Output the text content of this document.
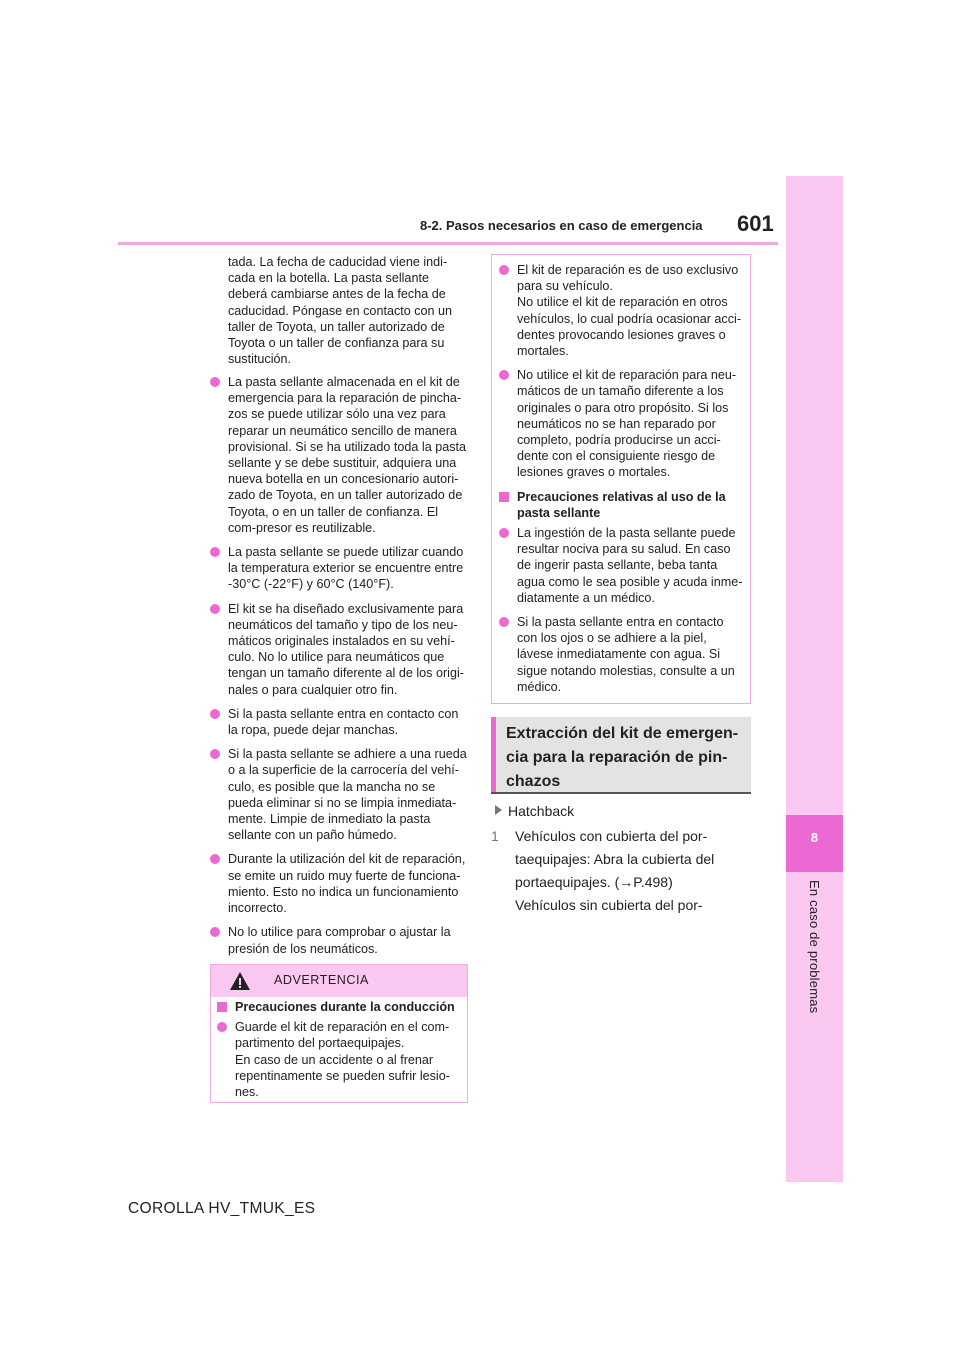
8-2. Pasos necesarios en caso de emergencia 601
8
En caso de problemas
tada. La fecha de caducidad viene indi-cada en la botella. La pasta sellante deberá cambiarse antes de la fecha de caducidad. Póngase en contacto con un taller de Toyota, un taller autorizado de Toyota o un taller de confianza para su sustitución.
La pasta sellante almacenada en el kit de emergencia para la reparación de pincha-zos se puede utilizar sólo una vez para reparar un neumático sencillo de manera provisional. Si se ha utilizado toda la pasta sellante y se debe sustituir, adquiera una nueva botella en un concesionario autori-zado de Toyota, en un taller autorizado de Toyota, o en un taller de confianza. El com-presor es reutilizable.
La pasta sellante se puede utilizar cuando la temperatura exterior se encuentre entre -30°C (-22°F) y 60°C (140°F).
El kit se ha diseñado exclusivamente para neumáticos del tamaño y tipo de los neu-máticos originales instalados en su vehí-culo. No lo utilice para neumáticos que tengan un tamaño diferente al de los origi-nales o para cualquier otro fin.
Si la pasta sellante entra en contacto con la ropa, puede dejar manchas.
Si la pasta sellante se adhiere a una rueda o a la superficie de la carrocería del vehí-culo, es posible que la mancha no se pueda eliminar si no se limpia inmediata-mente. Limpie de inmediato la pasta sellante con un paño húmedo.
Durante la utilización del kit de reparación, se emite un ruido muy fuerte de funciona-miento. Esto no indica un funcionamiento incorrecto.
No lo utilice para comprobar o ajustar la presión de los neumáticos.
ADVERTENCIA
Precauciones durante la conducción
Guarde el kit de reparación en el com-partimento del portaequipajes.
En caso de un accidente o al frenar repentinamente se pueden sufrir lesio-nes.
El kit de reparación es de uso exclusivo para su vehículo.
No utilice el kit de reparación en otros vehículos, lo cual podría ocasionar acci-dentes provocando lesiones graves o mortales.
No utilice el kit de reparación para neu-máticos de un tamaño diferente a los originales o para otro propósito. Si los neumáticos no se han reparado por completo, podría producirse un acci-dente con el consiguiente riesgo de lesiones graves o mortales.
Precauciones relativas al uso de la pasta sellante
La ingestión de la pasta sellante puede resultar nociva para su salud. En caso de ingerir pasta sellante, beba tanta agua como le sea posible y acuda inme-diatamente a un médico.
Si la pasta sellante entra en contacto con los ojos o se adhiere a la piel, lávese inmediatamente con agua. Si sigue notando molestias, consulte a un médico.
Extracción del kit de emergen-cia para la reparación de pin-chazos
Hatchback
1	Vehículos con cubierta del por-taequipajes: Abra la cubierta del portaequipajes. (→P.498)
Vehículos sin cubierta del por-
COROLLA HV_TMUK_ES
